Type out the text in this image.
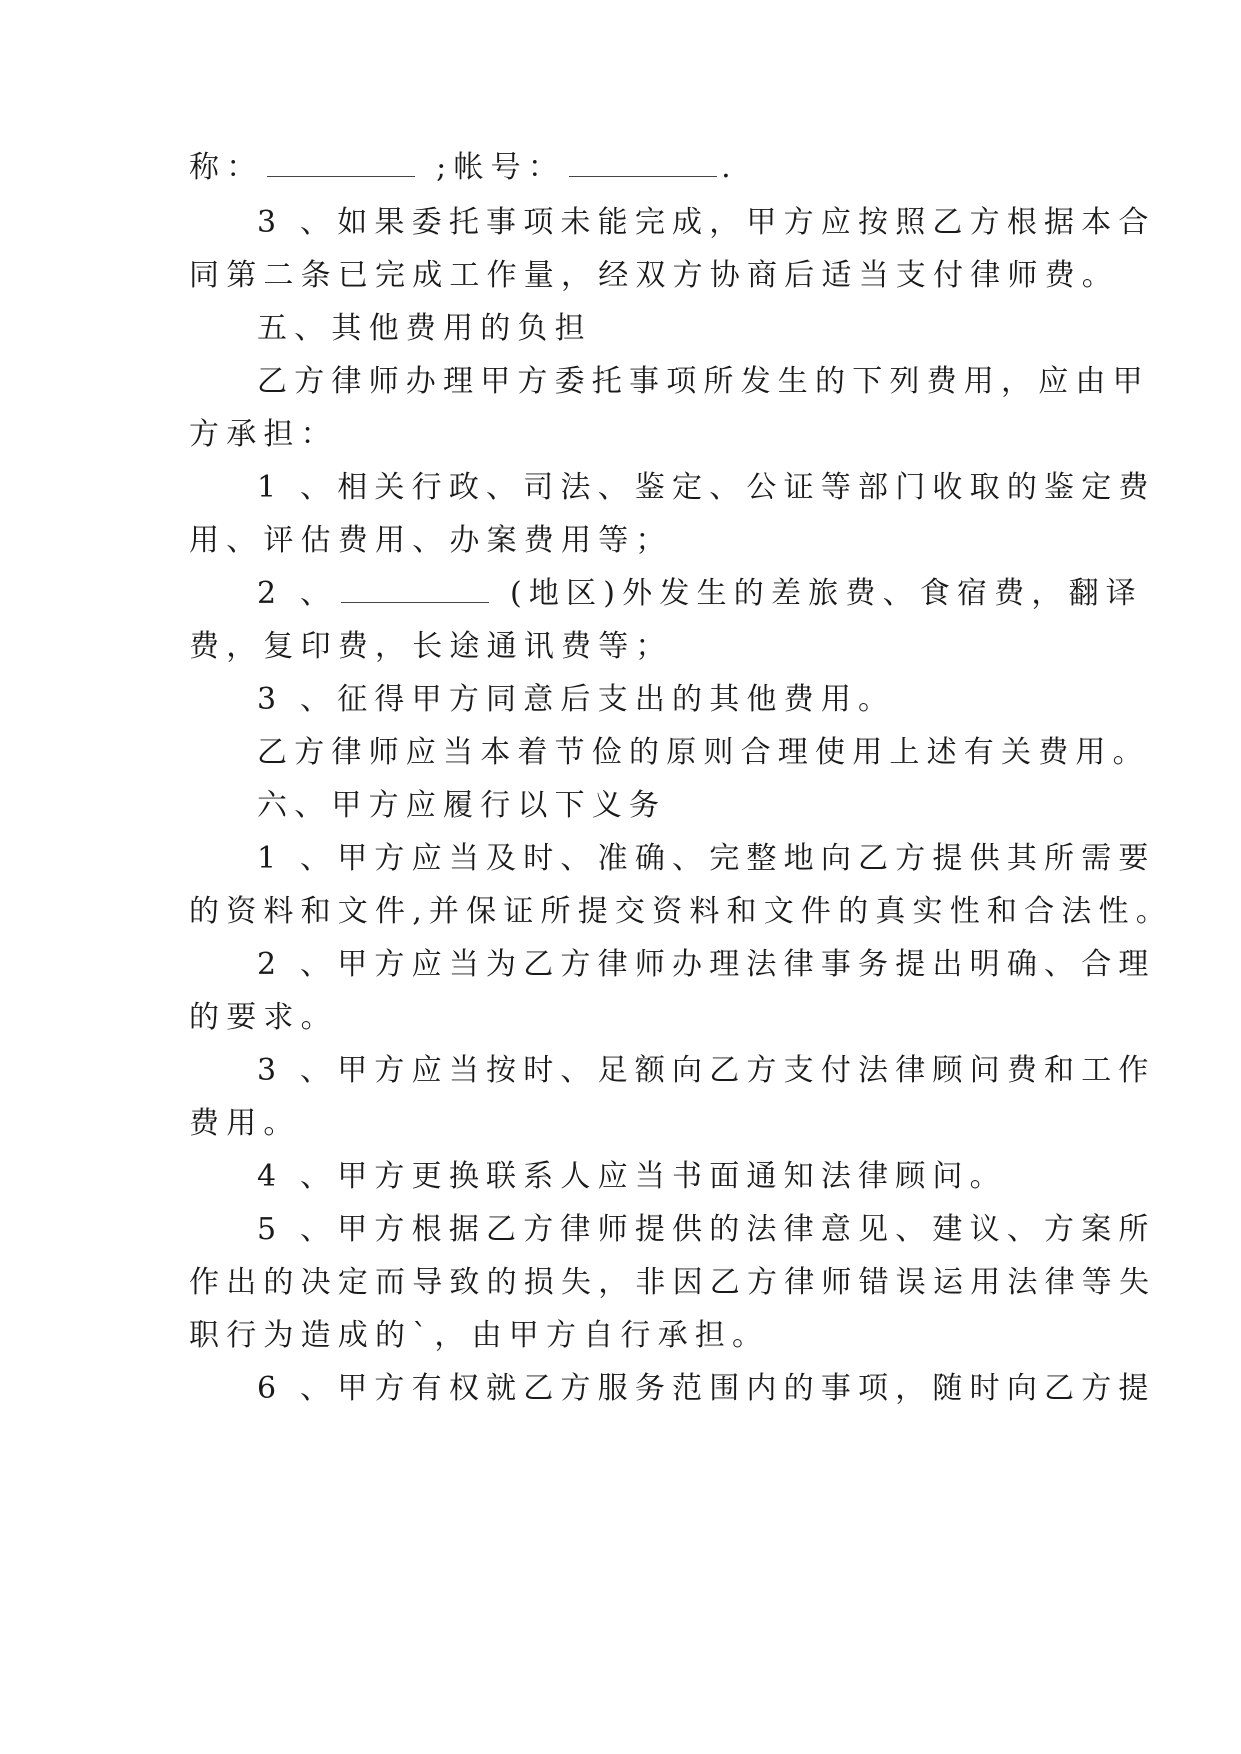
称：	;帐号：	.
3 、如果委托事项未能完成，甲方应按照乙方根据本合
同第二条已完成工作量，经双方协商后适当支付律师费。
五、其他费用的负担
乙方律师办理甲方委托事项所发生的下列费用，应由甲
方承担：
1 、相关行政、司法、鉴定、公证等部门收取的鉴定费
用、评估费用、办案费用等；
2 、	(地区)外发生的差旅费、食宿费，翻译
费，复印费，长途通讯费等；
3 、征得甲方同意后支出的其他费用。
乙方律师应当本着节俭的原则合理使用上述有关费用。
六、甲方应履行以下义务
1 、甲方应当及时、准确、完整地向乙方提供其所需要
的资料和文件,并保证所提交资料和文件的真实性和合法性。
2 、甲方应当为乙方律师办理法律事务提出明确、合理
的要求。
3 、甲方应当按时、足额向乙方支付法律顾问费和工作
费用。
4 、甲方更换联系人应当书面通知法律顾问。
5 、甲方根据乙方律师提供的法律意见、建议、方案所
作出的决定而导致的损失，非因乙方律师错误运用法律等失
职行为造成的`，由甲方自行承担。
6 、甲方有权就乙方服务范围内的事项，随时向乙方提
